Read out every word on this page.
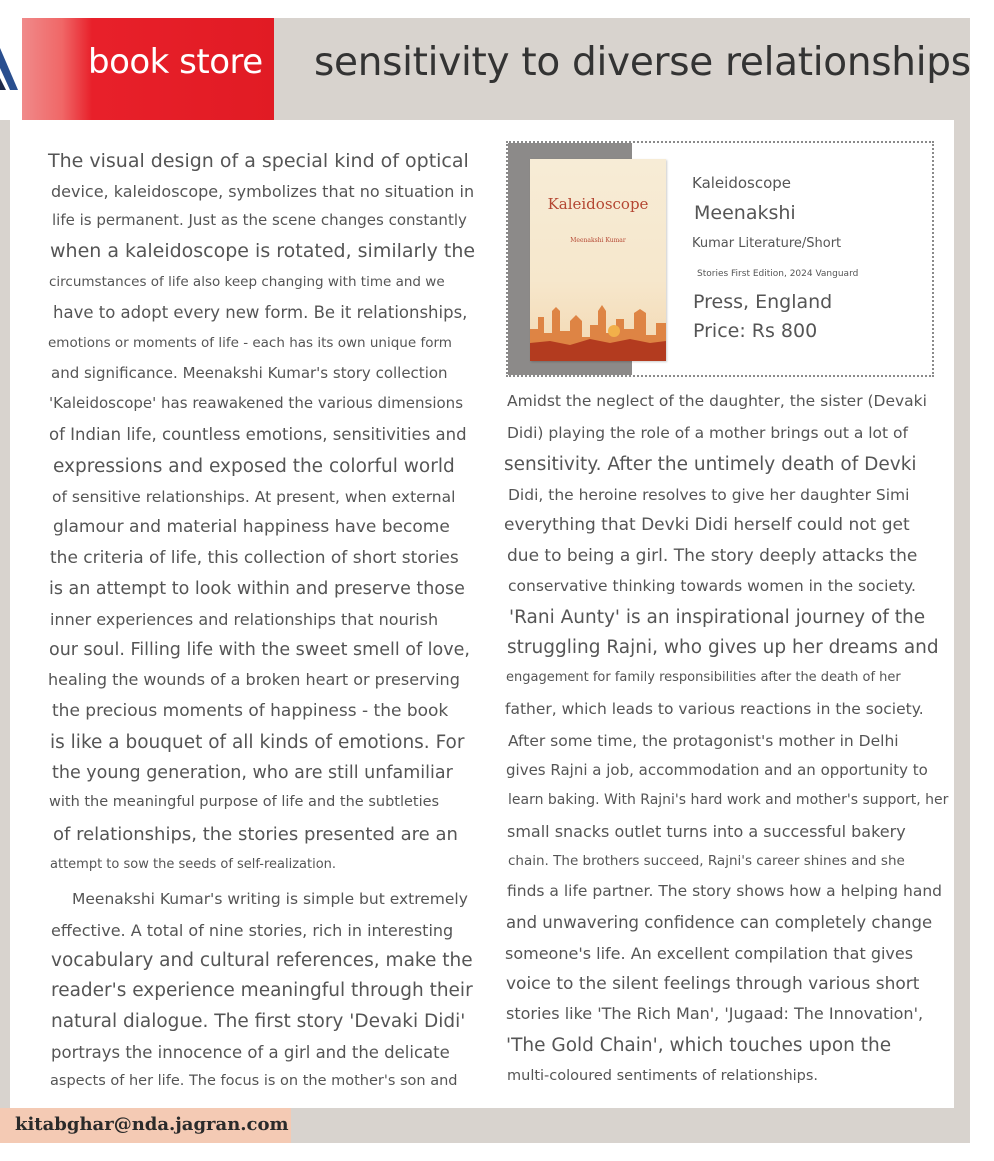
book store sensitivity to diverse relationships
The visual design of a special kind of optical
device, kaleidoscope, symbolizes that no situation in
life is permanent. Just as the scene changes constantly
when a kaleidoscope is rotated, similarly the
circumstances of life also keep changing with time and we
have to adopt every new form. Be it relationships,
emotions or moments of life - each has its own unique form
and significance. Meenakshi Kumar's story collection
'Kaleidoscope' has reawakened the various dimensions
of Indian life, countless emotions, sensitivities and
expressions and exposed the colorful world
of sensitive relationships. At present, when external
glamour and material happiness have become
the criteria of life, this collection of short stories
is an attempt to look within and preserve those
inner experiences and relationships that nourish
our soul. Filling life with the sweet smell of love,
healing the wounds of a broken heart or preserving
the precious moments of happiness - the book
is like a bouquet of all kinds of emotions. For
the young generation, who are still unfamiliar
with the meaningful purpose of life and the subtleties
of relationships, the stories presented are an
attempt to sow the seeds of self-realization.
Meenakshi Kumar's writing is simple but extremely
effective. A total of nine stories, rich in interesting
vocabulary and cultural references, make the
reader's experience meaningful through their
natural dialogue. The first story 'Devaki Didi'
portrays the innocence of a girl and the delicate
aspects of her life. The focus is on the mother's son and
Kaleidoscope
Meenakshi Kumar
Kaleidoscope
Meenakshi
Kumar Literature/Short
Stories First Edition, 2024 Vanguard
Press, England
Price: Rs 800
Amidst the neglect of the daughter, the sister (Devaki
Didi) playing the role of a mother brings out a lot of
sensitivity. After the untimely death of Devki
Didi, the heroine resolves to give her daughter Simi
everything that Devki Didi herself could not get
due to being a girl. The story deeply attacks the
conservative thinking towards women in the society.
'Rani Aunty' is an inspirational journey of the
struggling Rajni, who gives up her dreams and
engagement for family responsibilities after the death of her
father, which leads to various reactions in the society.
After some time, the protagonist's mother in Delhi
gives Rajni a job, accommodation and an opportunity to
learn baking. With Rajni's hard work and mother's support, her
small snacks outlet turns into a successful bakery
chain. The brothers succeed, Rajni's career shines and she
finds a life partner. The story shows how a helping hand
and unwavering confidence can completely change
someone's life. An excellent compilation that gives
voice to the silent feelings through various short
stories like 'The Rich Man', 'Jugaad: The Innovation',
'The Gold Chain', which touches upon the
multi-coloured sentiments of relationships.
kitabghar@nda.jagran.com
